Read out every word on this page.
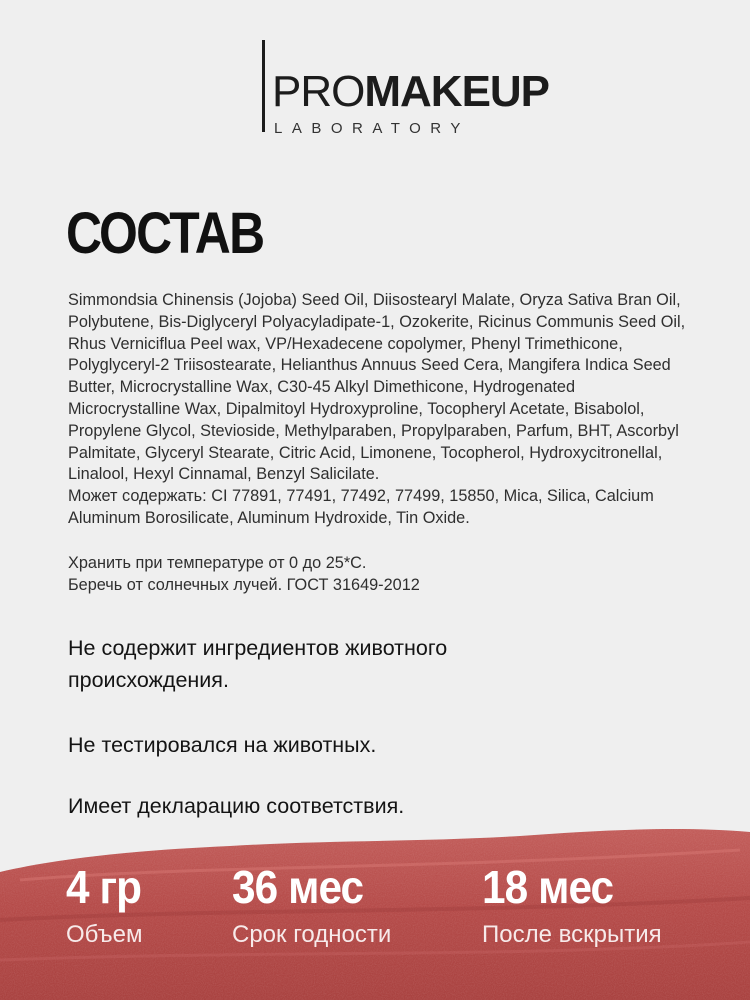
PROMAKEUP
LABORATORY
СОСТАВ

Simmondsia Chinensis (Jojoba) Seed Oil, Diisostearyl Malate, Oryza Sativa Bran Oil,
Polybutene, Bis-Diglyceryl Polyacyladipate-1, Ozokerite, Ricinus Communis Seed Oil,
Rhus Verniciflua Peel wax, VP/Hexadecene copolymer, Phenyl Trimethicone,
Polyglyceryl-2 Triisostearate, Helianthus Annuus Seed Cera, Mangifera Indica Seed
Butter, Microcrystalline Wax, C30-45 Alkyl Dimethicone, Hydrogenated
Microcrystalline Wax, Dipalmitoyl Hydroxyproline, Tocopheryl Acetate, Bisabolol,
Propylene Glycol, Stevioside, Methylparaben, Propylparaben, Parfum, BHT, Ascorbyl
Palmitate, Glyceryl Stearate, Citric Acid, Limonene, Tocopherol, Hydroxycitronellal,
Linalool, Hexyl Cinnamal, Benzyl Salicilate.
Может содержать: CI 77891, 77491, 77492, 77499, 15850, Mica, Silica, Calcium
Aluminum Borosilicate, Aluminum Hydroxide, Tin Oxide.

Хранить при температуре от 0 до 25*С.
Беречь от солнечных лучей. ГОСТ 31649-2012

Не содержит ингредиентов животного
происхождения.

Не тестировался на животных.

Имеет декларацию соответствия.

4 гр
Объем
36 мес
Срок годности
18 мес
После вскрытия
